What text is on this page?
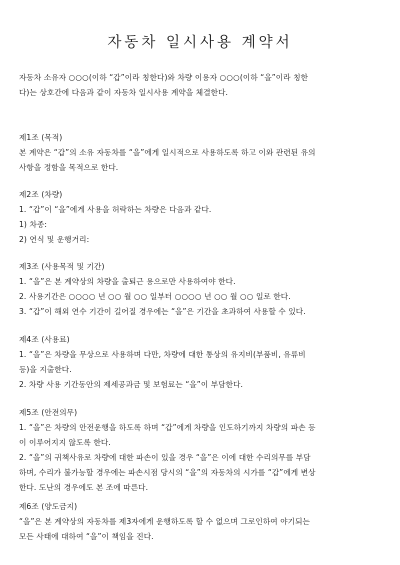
자동차 일시사용 계약서
자동차 소유자 ○○○(이하 “갑”이라 칭한다)와 차량 이용자 ○○○(이하 “을”이라 칭한
다)는 상호간에 다음과 같이 자동차 일시사용 계약을 체결한다.
제1조 (목적)
본 계약은 “갑”의 소유 자동차를 “을”에게 일시적으로 사용하도록 하고 이와 관련된 유의
사항을 정함을 목적으로 한다.
제2조 (차량)
1. “갑”이 “을”에게 사용을 허락하는 차량은 다음과 같다.
1) 차종:
2) 연식 및 운행거리:
제3조 (사용목적 및 기간)
1. “을”은 본 계약상의 차량을 출퇴근 용으로만 사용하여야 한다.
2. 사용기간은 ○○○○ 년 ○○ 월 ○○ 일부터 ○○○○ 년 ○○ 월 ○○ 일로 한다.
3. “갑”이 해외 연수 기간이 길어질 경우에는 “을”은 기간을 초과하여 사용할 수 있다.
제4조 (사용료)
1. “을”은 차량을 무상으로 사용하며 다만, 차량에 대한 통상의 유지비(부품비, 유류비
등)을 지출한다.
2. 차량 사용 기간동안의 제세공과금 및 보험료는 “을”이 부담한다.
제5조 (안전의무)
1. “을”은 차량의 안전운행을 하도록 하며 “갑”에게 차량을 인도하기까지 차량의 파손 등
이 이루어지지 않도록 한다.
2. “을”의 귀책사유로 차량에 대한 파손이 있을 경우 “을”은 이에 대한 수리의무를 부담
하며, 수리가 불가능할 경우에는 파손시점 당시의 “을”의 자동차의 시가를 “갑”에게 변상
한다. 도난의 경우에도 본 조에 따른다.
제6조 (양도금지)
“을”은 본 계약상의 자동차를 제3자에게 운행하도록 할 수 없으며 그로인하여 야기되는
모든 사태에 대하여 “을”이 책임을 진다.
